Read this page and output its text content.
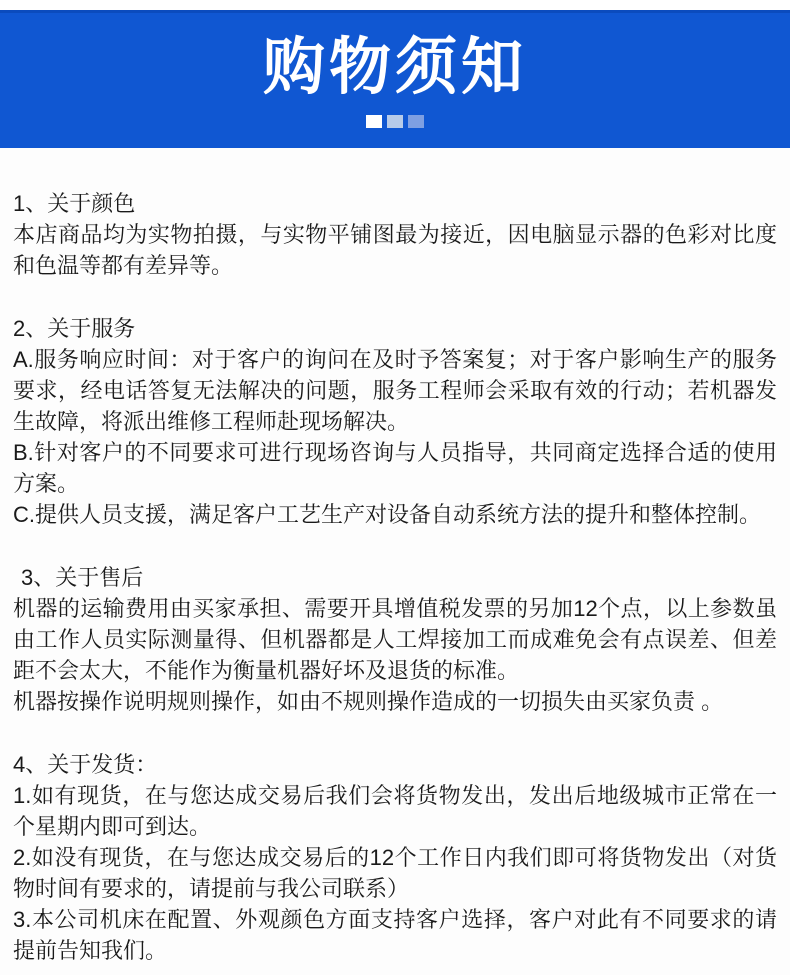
购物须知

1、关于颜色

本店商品均为实物拍摄，与实物平铺图最为接近，因电脑显示器的色彩对比度和色温等都有差异等。

2、关于服务

A.服务响应时间：对于客户的询问在及时予答案复；对于客户影响生产的服务要求，经电话答复无法解决的问题，服务工程师会采取有效的行动；若机器发生故障，将派出维修工程师赴现场解决。

B.针对客户的不同要求可进行现场咨询与人员指导，共同商定选择合适的使用方案。

C.提供人员支援，满足客户工艺生产对设备自动系统方法的提升和整体控制。

3、关于售后

机器的运输费用由买家承担、需要开具增值税发票的另加12个点，以上参数虽由工作人员实际测量得、但机器都是人工焊接加工而成难免会有点误差、但差距不会太大，不能作为衡量机器好坏及退货的标准。

机器按操作说明规则操作，如由不规则操作造成的一切损失由买家负责 。

4、关于发货：

1.如有现货，在与您达成交易后我们会将货物发出，发出后地级城市正常在一个星期内即可到达。

2.如没有现货，在与您达成交易后的12个工作日内我们即可将货物发出（对货物时间有要求的，请提前与我公司联系）

3.本公司机床在配置、外观颜色方面支持客户选择，客户对此有不同要求的请提前告知我们。
